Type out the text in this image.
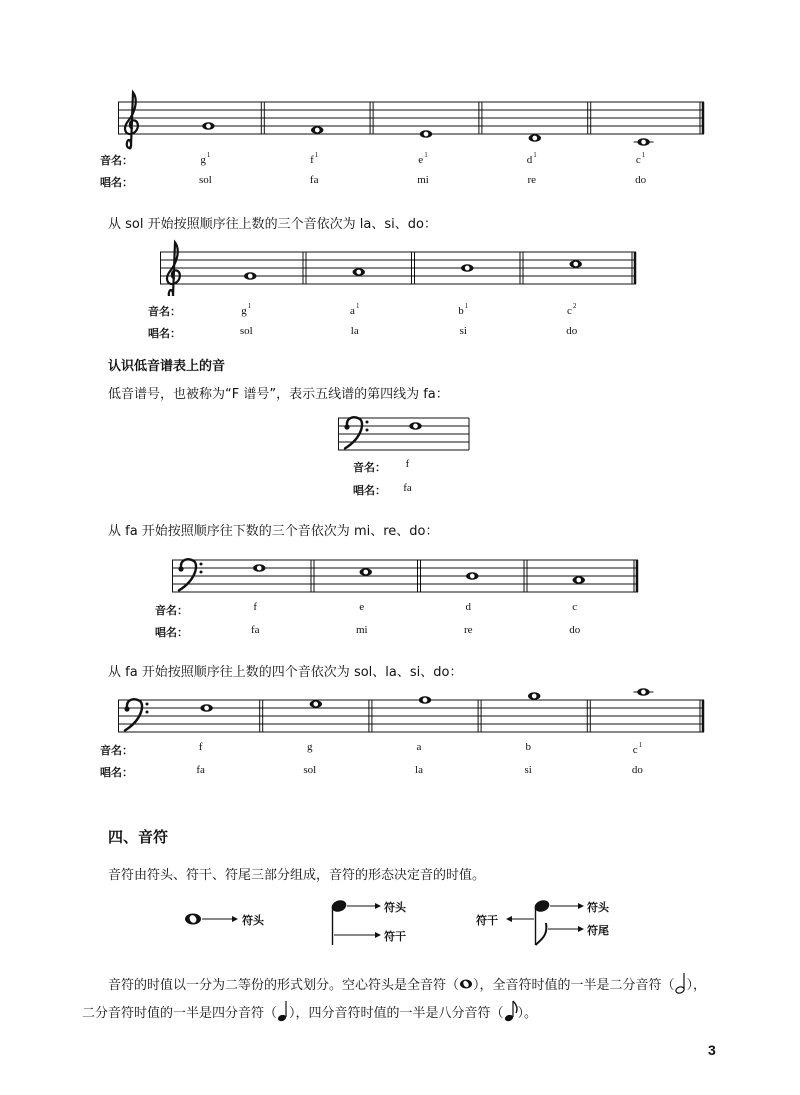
音名：
唱名：
从 sol 开始按照顺序往上数的三个音依次为 la、si、do：
音名：
唱名：
认识低音谱表上的音
低音谱号，也被称为“F 谱号”，表示五线谱的第四线为 fa：
音名：
唱名：
从 fa 开始按照顺序往下数的三个音依次为 mi、re、do：
音名：
唱名：
从 fa 开始按照顺序往上数的四个音依次为 sol、la、si、do：
音名：
唱名：
四、音符
音符由符头、符干、符尾三部分组成，音符的形态决定音的时值。
符头
符头
符干
符干
符头
符尾
音符的时值以一分为二等份的形式划分。空心符头是全音符（ ），全音符时值的一半是二分音符（ ），
二分音符时值的一半是四分音符（ ），四分音符时值的一半是八分音符（ ）。
3
$g^1$
sol
$f^1$
fa
$e^1$
mi
$d^1$
re
$c^1$
do
$g^1$
sol
$a^1$
la
$b^1$
si
$c^2$
do
f
fa
f
fa
e
mi
d
re
c
do
f
fa
g
sol
a
la
b
si
$c^1$
do
